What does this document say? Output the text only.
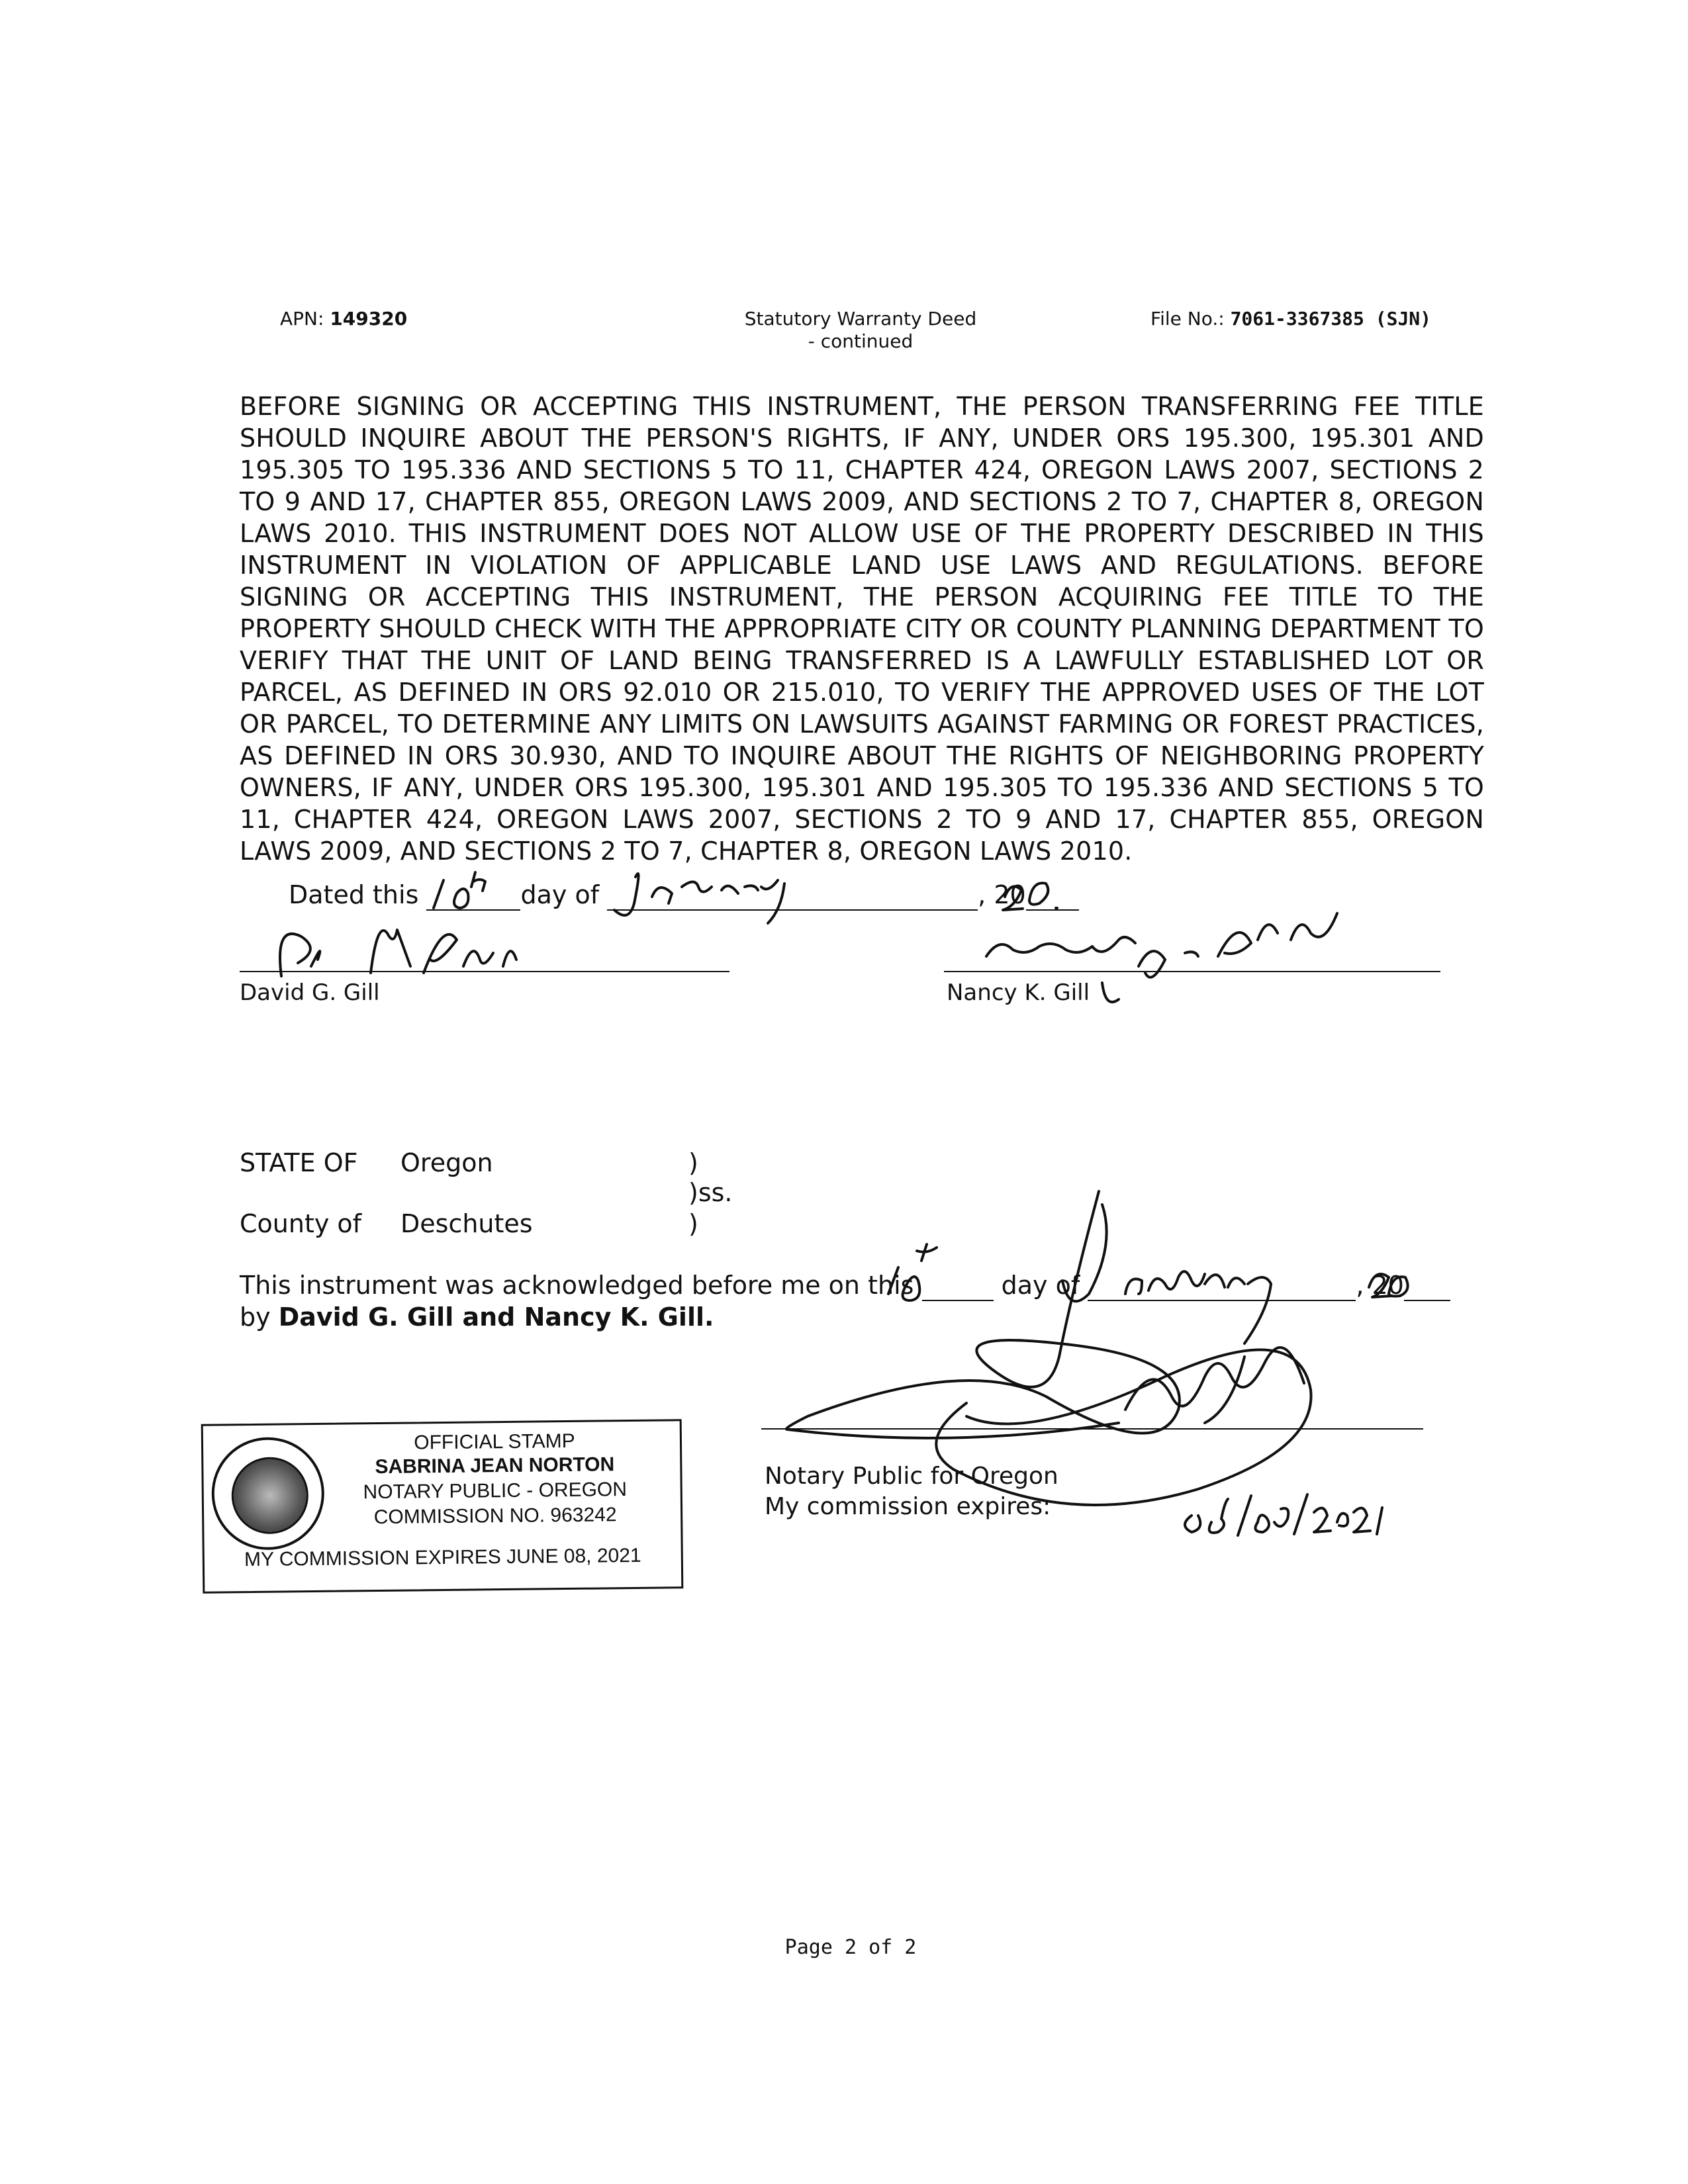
APN: 149320	Statutory Warranty Deed
- continued
File No.: 7061-3367385 (SJN)
BEFORE SIGNING OR ACCEPTING THIS INSTRUMENT, THE PERSON TRANSFERRING FEE TITLE SHOULD INQUIRE ABOUT THE PERSON'S RIGHTS, IF ANY, UNDER ORS 195.300, 195.301 AND 195.305 TO 195.336 AND SECTIONS 5 TO 11, CHAPTER 424, OREGON LAWS 2007, SECTIONS 2 TO 9 AND 17, CHAPTER 855, OREGON LAWS 2009, AND SECTIONS 2 TO 7, CHAPTER 8, OREGON LAWS 2010. THIS INSTRUMENT DOES NOT ALLOW USE OF THE PROPERTY DESCRIBED IN THIS INSTRUMENT IN VIOLATION OF APPLICABLE LAND USE LAWS AND REGULATIONS. BEFORE SIGNING OR ACCEPTING THIS INSTRUMENT, THE PERSON ACQUIRING FEE TITLE TO THE PROPERTY SHOULD CHECK WITH THE APPROPRIATE CITY OR COUNTY PLANNING DEPARTMENT TO VERIFY THAT THE UNIT OF LAND BEING TRANSFERRED IS A LAWFULLY ESTABLISHED LOT OR PARCEL, AS DEFINED IN ORS 92.010 OR 215.010, TO VERIFY THE APPROVED USES OF THE LOT OR PARCEL, TO DETERMINE ANY LIMITS ON LAWSUITS AGAINST FARMING OR FOREST PRACTICES, AS DEFINED IN ORS 30.930, AND TO INQUIRE ABOUT THE RIGHTS OF NEIGHBORING PROPERTY OWNERS, IF ANY, UNDER ORS 195.300, 195.301 AND 195.305 TO 195.336 AND SECTIONS 5 TO 11, CHAPTER 424, OREGON LAWS 2007, SECTIONS 2 TO 9 AND 17, CHAPTER 855, OREGON LAWS 2009, AND SECTIONS 2 TO 7, CHAPTER 8, OREGON LAWS 2010.
Dated this	day of	, 20
David G. Gill	Nancy K. Gill
STATE OF Oregon	)
)ss.
)
County of Deschutes
This instrument was acknowledged before me on this	day of	, 20
by David G. Gill and Nancy K. Gill.
Notary Public for Oregon
My commission expires:
OFFICIAL STAMP
SABRINA JEAN NORTON
NOTARY PUBLIC - OREGON
COMMISSION NO. 963242
MY COMMISSION EXPIRES JUNE 08, 2021
Page 2 of 2
